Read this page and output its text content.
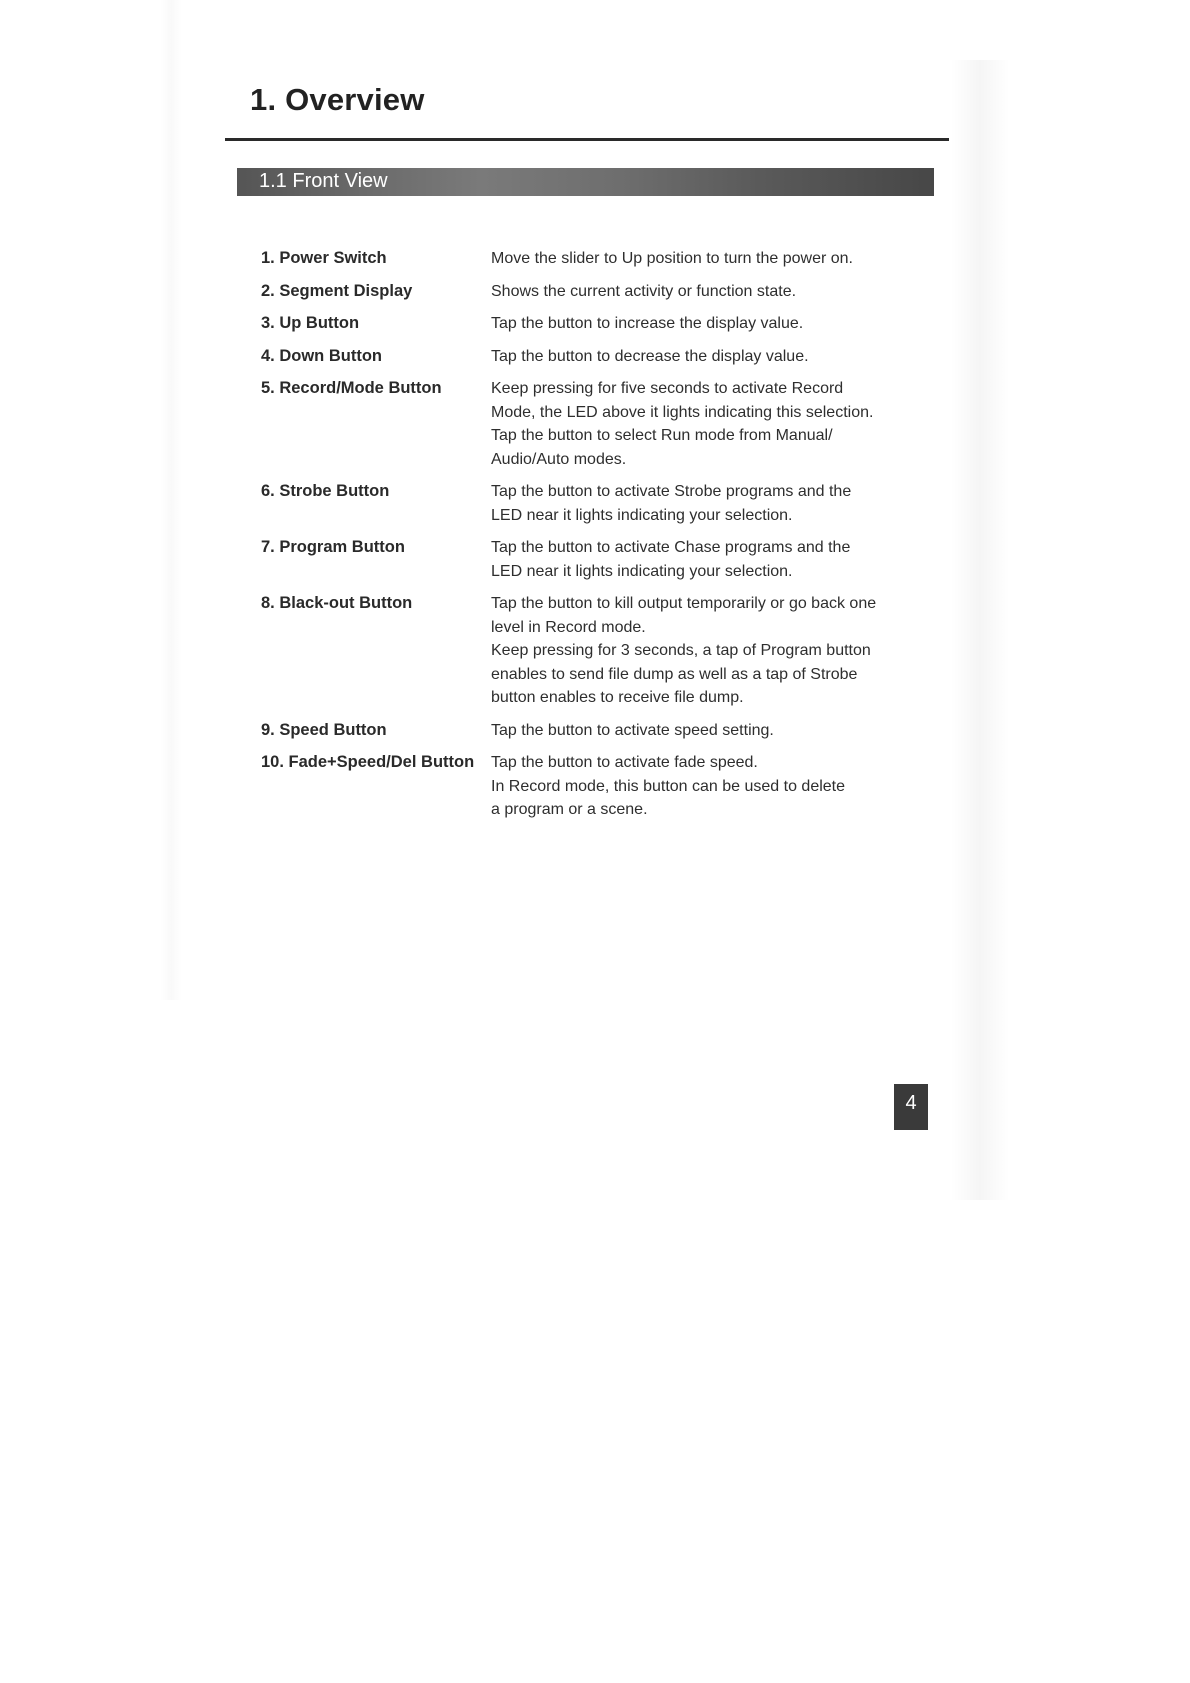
1. Overview
1.1 Front View
1. Power Switch	Move the slider to Up position to turn the power on.
2. Segment Display	Shows the current activity or function state.
3. Up Button	Tap the button to increase the display value.
4. Down Button	Tap the button to decrease the display value.
5. Record/Mode Button	Keep pressing for five seconds to activate Record
Mode, the LED above it lights indicating this selection.
Tap the button to select Run mode from Manual/
Audio/Auto modes.
6. Strobe Button	Tap the button to activate Strobe programs and the
LED near it lights indicating your selection.
7. Program Button	Tap the button to activate Chase programs and the
LED near it lights indicating your selection.
8. Black-out Button	Tap the button to kill output temporarily or go back one
level in Record mode.
Keep pressing for 3 seconds, a tap of Program button
enables to send file dump as well as a tap of Strobe
button enables to receive file dump.
9. Speed Button	Tap the button to activate speed setting.
10. Fade+Speed/Del Button	Tap the button to activate fade speed.
In Record mode, this button can be used to delete
a program or a scene.
4
